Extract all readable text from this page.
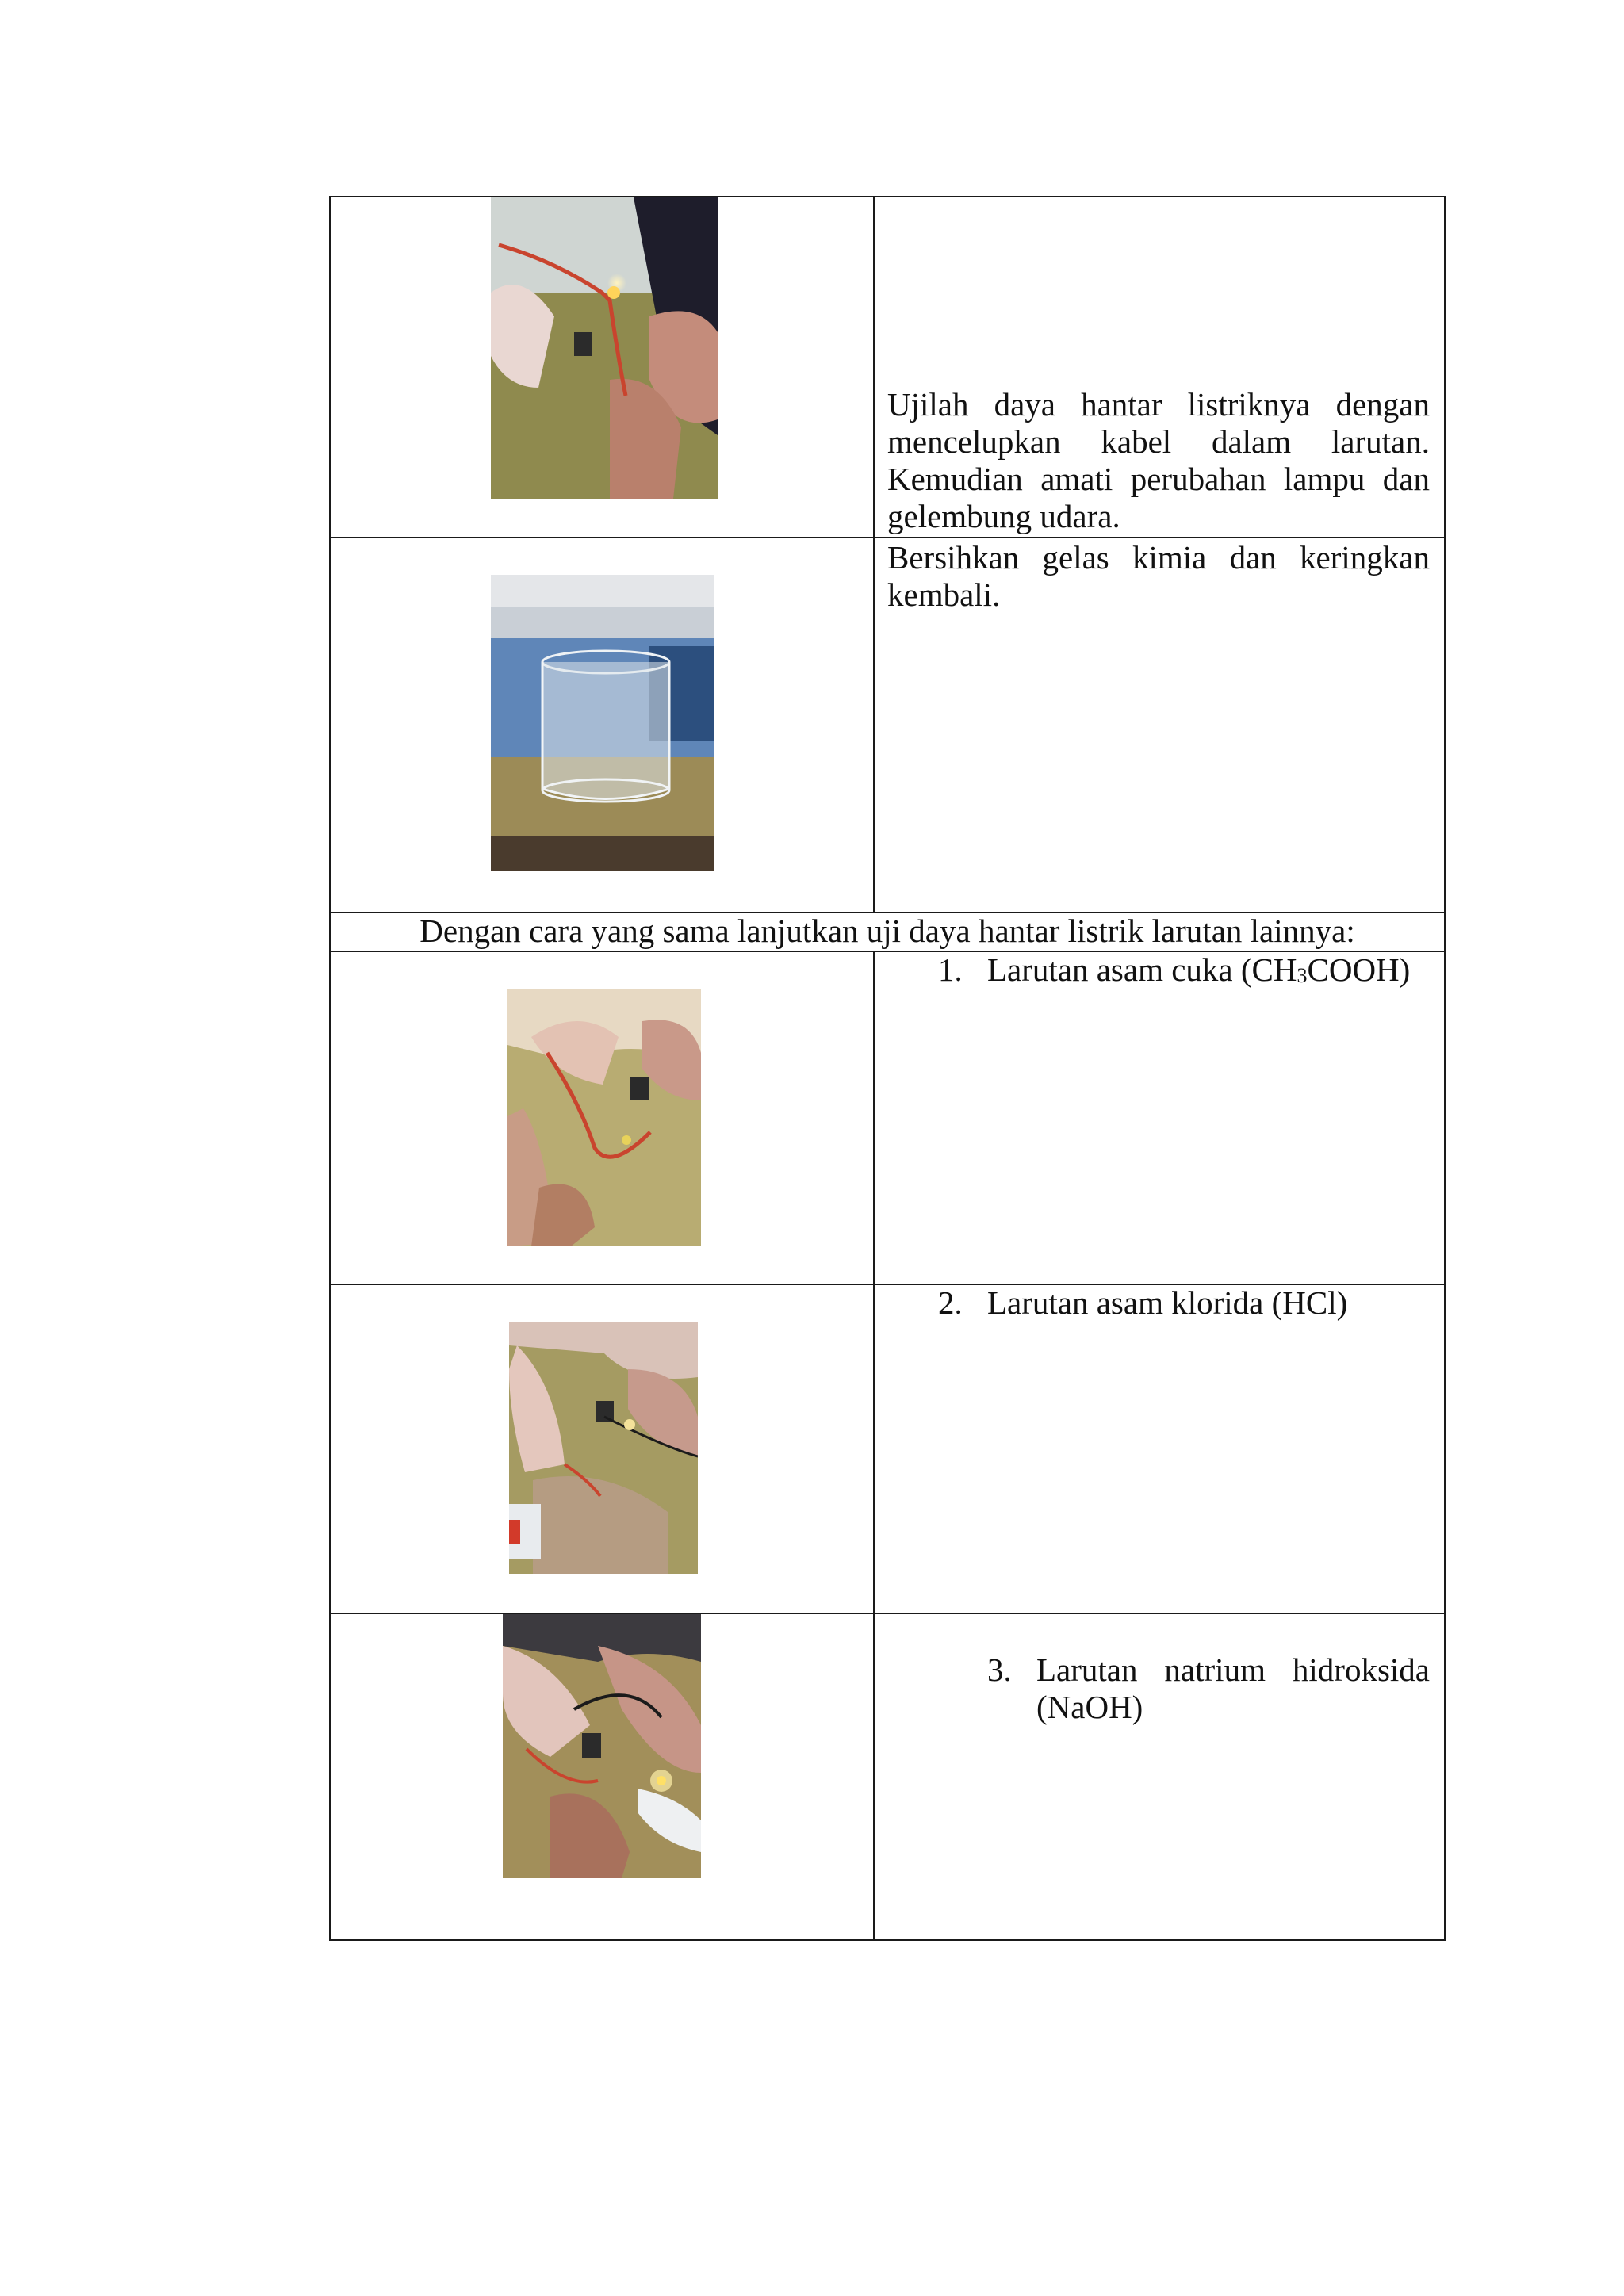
Ujilah daya hantar listriknya dengan
mencelupkan kabel dalam larutan.
Kemudian amati perubahan lampu dan
gelembung udara.
Bersihkan gelas kimia dan keringkan
kembali.
Dengan cara yang sama lanjutkan uji daya hantar listrik larutan lainnya:
1. Larutan asam cuka $(CH_3COOH)$
2. Larutan asam klorida (HCl)
3. Larutan natrium hidroksida
(NaOH)
